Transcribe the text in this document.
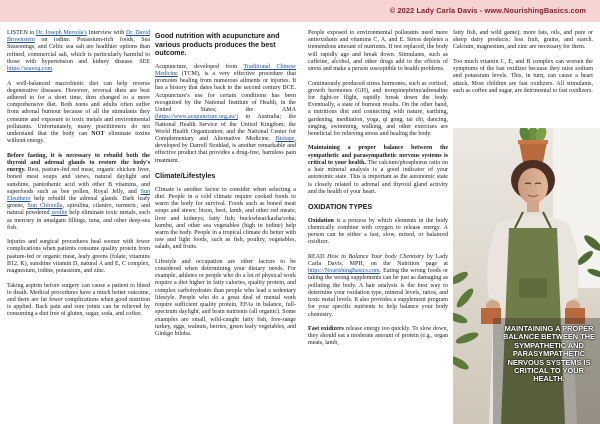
© 2022 Lady Carla Davis - www.NourishingBasics.com

LISTEN to Dr. Joseph Mercola's Interview with Dr. David Brownstein on iodine. Potassium-rich foods, Sea Seasonings, and Celtic sea salt are healthier options than refined, commercial salt, which is particularly harmful to those with hypertension and kidney disease. SEE https://seaveg.com.

A well-balanced macrobiotic diet can help reverse degenerative diseases. However, reversal diets are best adhered to for a short time, then changed to a more comprehensive diet. Both teens and adults often suffer from adrenal burnout because of all the stimulants they consume and exposure to toxic metals and environmental pollutants. Unfortunately, many practitioners do not understand that the body can NOT eliminate toxins without energy.

Before fasting, it is necessary to rebuild both the thyroid and adrenal glands to restore the body's energy. Rest, pasture-fed red meat, organic chicken liver, boned meat soups and stews, natural daylight and sunshine, pantothenic acid with other B vitamins, and superfoods such as bee pollen, Royal Jelly, and Sun Eleuthero help rebuild the adrenal glands. Dark leafy greens, Sun Chlorella, spirulina, cilantro, turmeric, and natural powdered zeolite help eliminate toxic metals, such as mercury in amalgam fillings, tuna, and other deep-sea fish.

Injuries and surgical procedures heal sooner with fewer complications when patients consume quality protein from pasture-fed or organic meat, leafy greens (folate, vitamins B12, K), sunshine vitamin D, natural A and E, C complex, magnesium, iodine, potassium, and zinc.

Taking aspirin before surgery can cause a patient to bleed to death. Medical procedures have a much better outcome, and there are far fewer complications when good nutrition is applied. Back pain and sore joints can be relieved by consuming a diet free of gluten, sugar, soda, and coffee.

Good nutrition with acupuncture and various products produces the best outcome.

Acupuncture, developed from Traditional Chinese Medicine (TCM), is a very effective procedure that promotes healing from numerous ailments or injuries. It has a history that dates back to the second century BCE. Acupuncture's use for certain conditions has been recognized by the National Institute of Health, in the United States; the AMA (https://www.acupuncture.org.au/) in Australia; the National Health Service of the United Kingdom; the World Health Organization; and the National Center for Complementary and Alternative Medicine. Biotape, developed by Darrell Stoddad, is another remarkable and effective product that provides a drug-free, harmless pain treatment.

Climate/Lifestyles

Climate is another factor to consider when selecting a diet. People in a cold climate require cooked foods to warm the body for survival. Foods such as boned meat soups and stews; bison, beef, lamb, and other red meats; liver and kidneys; fatty fish; buckwheat/kasha/soba; kombu, and other sea vegetables (high in iodine) help warm the body. People in a tropical climate do better with raw and light foods, such as fish, poultry, vegetables, salads, and fruits.

Lifestyle and occupation are other factors to be considered when determining your dietary needs. For example, athletes or people who do a lot of physical work require a diet higher in fatty calories, quality protein, and complex carbohydrates than people who lead a sedentary lifestyle. People who do a great deal of mental work require sufficient quality protein, EFAs in balance, full-spectrum daylight, and brain nutrients (all organic). Some examples are small, wild-caught fatty fish, free-range turkey, eggs, walnuts, berries, green leafy vegetables, and Ginkgo biloba.

People exposed to environmental pollutants need more antioxidants and vitamins C, A, and E. Stress depletes a tremendous amount of nutrients. If not replaced, the body will rapidly age and break down. Stimulants, such as caffeine, alcohol, and other drugs add to the effects of stress and make a person susceptible to health problems.

Continuously produced stress hormones, such as cortisol, growth hormones (GH), and norepinephrine/adrenaline for fight-or flight, rapidly break down the body. Eventually, a state of burnout results. On the other hand, a nutritious diet and connecting with nature, earthing, gardening, meditation, yoga, qi gong, tai chi, dancing, singing, swimming, walking, and other exercises are beneficial for relieving stress and healing the body.

Maintaining a proper balance between the sympathetic and parasympathetic nervous systems is critical to your health. The calcium/phosphorus ratio on a hair mineral analysis is a good indicator of your autonomic state. This is important as the autonomic state is closely related to adrenal and thyroid gland activity and the health of your heart.

OXIDATION TYPES

Oxidation is a process by which elements in the body chemically combine with oxygen to release energy. A person can be either a fast, slow, mixed, or balanced oxidizer.

READ How to Balance Your body Chemistry by Lady Carla Davis, MPH, on the Nutrition page at https://NourishingBasics.com. Eating the wrong foods or taking the wrong supplements can be just as damaging as polluting the body. A hair analysis is the best way to determine your oxidation type, mineral levels, ratios, and toxic metal levels. It also provides a supplement program for your specific nutrients to help balance your body chemistry.

Fast oxidizers release energy too quickly. To slow down, they should eat a moderate amount of protein (e.g., organ meats, lamb,

fatty fish, and wild game); more fats, oils, and pure or sheep dairy products; less fruit, grains, and starch. Calcium, magnesium, and zinc are necessary for them.

Too much vitamin C, E, and B complex can worsen the symptoms of the fast oxidizer because they raise sodium and potassium levels. This, in turn, can cause a heart attack. Most children are fast oxidizers. All stimulants, such as coffee and sugar, are detrimental to fast oxidizers.

MAINTAINING A PROPER BALANCE BETWEEN THE SYMPATHETIC AND PARASYMPATHETIC NERVOUS SYSTEMS IS CRITICAL TO YOUR HEALTH.
